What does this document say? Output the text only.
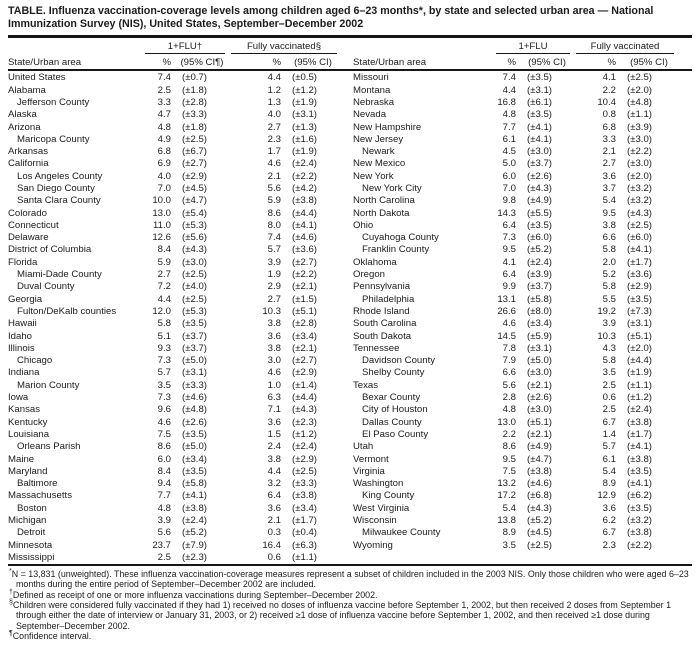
TABLE. Influenza vaccination-coverage levels among children aged 6–23 months*, by state and selected urban area — National Immunization Survey (NIS), United States, September–December 2002
1+FLU†	Fully vaccinated§
State/Urban area	% (95% CI¶)	%	(95% CI)
1+FLU	Fully vaccinated
State/Urban area	%	(95% CI)	%	(95% CI)
United States	7.4	(±0.7)	4.4	(±0.5)
Alabama	2.5	(±1.8)	1.2	(±1.2)
Jefferson County	3.3	(±2.8)	1.3	(±1.9)
Alaska	4.7	(±3.3)	4.0	(±3.1)
Arizona	4.8	(±1.8)	2.7	(±1.3)
Maricopa County	4.9	(±2.5)	2.3	(±1.6)
Arkansas	6.8	(±6.7)	1.7	(±1.9)
California	6.9	(±2.7)	4.6	(±2.4)
Los Angeles County	4.0	(±2.9)	2.1	(±2.2)
San Diego County	7.0	(±4.5)	5.6	(±4.2)
Santa Clara County	10.0	(±4.7)	5.9	(±3.8)
Colorado	13.0	(±5.4)	8.6	(±4.4)
Connecticut	11.0	(±5.3)	8.0	(±4.1)
Delaware	12.6	(±5.6)	7.4	(±4.6)
District of Columbia	8.4	(±4.3)	5.7	(±3.6)
Florida	5.9	(±3.0)	3.9	(±2.7)
Miami-Dade County	2.7	(±2.5)	1.9	(±2.2)
Duval County	7.2	(±4.0)	2.9	(±2.1)
Georgia	4.4	(±2.5)	2.7	(±1.5)
Fulton/DeKalb counties	12.0	(±5.3)	10.3	(±5.1)
Hawaii	5.8	(±3.5)	3.8	(±2.8)
Idaho	5.1	(±3.7)	3.6	(±3.4)
Illinois	9.3	(±3.7)	3.8	(±2.1)
Chicago	7.3	(±5.0)	3.0	(±2.7)
Indiana	5.7	(±3.1)	4.6	(±2.9)
Marion County	3.5	(±3.3)	1.0	(±1.4)
Iowa	7.3	(±4.6)	6.3	(±4.4)
Kansas	9.6	(±4.8)	7.1	(±4.3)
Kentucky	4.6	(±2.6)	3.6	(±2.3)
Louisiana	7.5	(±3.5)	1.5	(±1.2)
Orleans Parish	8.6	(±5.0)	2.4	(±2.4)
Maine	6.0	(±3.4)	3.8	(±2.9)
Maryland	8.4	(±3.5)	4.4	(±2.5)
Baltimore	9.4	(±5.8)	3.2	(±3.3)
Massachusetts	7.7	(±4.1)	6.4	(±3.8)
Boston	4.8	(±3.8)	3.6	(±3.4)
Michigan	3.9	(±2.4)	2.1	(±1.7)
Detroit	5.6	(±5.2)	0.3	(±0.4)
Minnesota	23.7	(±7.9)	16.4	(±6.3)
Mississippi	2.5	(±2.3)	0.6	(±1.1)
Missouri	7.4	(±3.5)	4.1	(±2.5)
Montana	4.4	(±3.1)	2.2	(±2.0)
Nebraska	16.8	(±6.1)	10.4	(±4.8)
Nevada	4.8	(±3.5)	0.8	(±1.1)
New Hampshire	7.7	(±4.1)	6.8	(±3.9)
New Jersey	6.1	(±4.1)	3.3	(±3.0)
Newark	4.5	(±3.0)	2.1	(±2.2)
New Mexico	5.0	(±3.7)	2.7	(±3.0)
New York	6.0	(±2.6)	3.6	(±2.0)
New York City	7.0	(±4.3)	3.7	(±3.2)
North Carolina	9.8	(±4.9)	5.4	(±3.2)
North Dakota	14.3	(±5.5)	9.5	(±4.3)
Ohio	6.4	(±3.5)	3.8	(±2.5)
Cuyahoga County	7.3	(±6.0)	6.6	(±6.0)
Franklin County	9.5	(±5.2)	5.8	(±4.1)
Oklahoma	4.1	(±2.4)	2.0	(±1.7)
Oregon	6.4	(±3.9)	5.2	(±3.6)
Pennsylvania	9.9	(±3.7)	5.8	(±2.9)
Philadelphia	13.1	(±5.8)	5.5	(±3.5)
Rhode Island	26.6	(±8.0)	19.2	(±7.3)
South Carolina	4.6	(±3.4)	3.9	(±3.1)
South Dakota	14.5	(±5.9)	10.3	(±5.1)
Tennessee	7.8	(±3.1)	4.3	(±2.0)
Davidson County	7.9	(±5.0)	5.8	(±4.4)
Shelby County	6.6	(±3.0)	3.5	(±1.9)
Texas	5.6	(±2.1)	2.5	(±1.1)
Bexar County	2.8	(±2.6)	0.6	(±1.2)
City of Houston	4.8	(±3.0)	2.5	(±2.4)
Dallas County	13.0	(±5.1)	6.7	(±3.8)
El Paso County	2.2	(±2.1)	1.4	(±1.7)
Utah	8.6	(±4.9)	5.7	(±4.1)
Vermont	9.5	(±4.7)	6.1	(±3.8)
Virginia	7.5	(±3.8)	5.4	(±3.5)
Washington	13.2	(±4.6)	8.9	(±4.1)
King County	17.2	(±6.8)	12.9	(±6.2)
West Virginia	5.4	(±4.3)	3.6	(±3.5)
Wisconsin	13.8	(±5.2)	6.2	(±3.2)
Milwaukee County	8.9	(±4.5)	6.7	(±3.8)
Wyoming	3.5	(±2.5)	2.3	(±2.2)
*N = 13,831 (unweighted). These influenza vaccination-coverage measures represent a subset of children included in the 2003 NIS. Only those children who were aged 6–23 months during the entire period of September–December 2002 are included.
†Defined as receipt of one or more influenza vaccinations during September–December 2002.
§Children were considered fully vaccinated if they had 1) received no doses of influenza vaccine before September 1, 2002, but then received 2 doses from September 1 through either the date of interview or January 31, 2003, or 2) received ≥1 dose of influenza vaccine before September 1, 2002, and then received ≥1 dose during September–December 2002.
¶Confidence interval.
